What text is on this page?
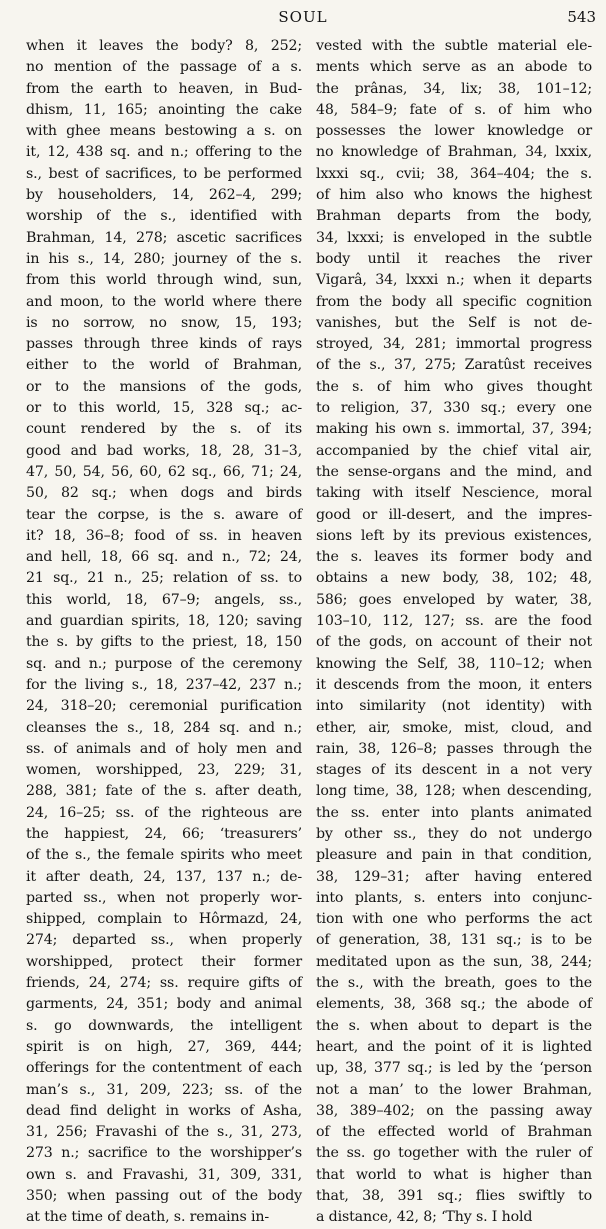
SOUL	543
when it leaves the body? 8, 252;
no mention of the passage of a s.
from the earth to heaven, in Bud-
dhism, 11, 165; anointing the cake
with ghee means bestowing a s. on
it, 12, 438 sq. and n.; offering to the
s., best of sacrifices, to be performed
by householders, 14, 262–4, 299;
worship of the s., identified with
Brahman, 14, 278; ascetic sacrifices
in his s., 14, 280; journey of the s.
from this world through wind, sun,
and moon, to the world where there
is no sorrow, no snow, 15, 193;
passes through three kinds of rays
either to the world of Brahman,
or to the mansions of the gods,
or to this world, 15, 328 sq.; ac-
count rendered by the s. of its
good and bad works, 18, 28, 31–3,
47, 50, 54, 56, 60, 62 sq., 66, 71; 24,
50, 82 sq.; when dogs and birds
tear the corpse, is the s. aware of
it? 18, 36–8; food of ss. in heaven
and hell, 18, 66 sq. and n., 72; 24,
21 sq., 21 n., 25; relation of ss. to
this world, 18, 67–9; angels, ss.,
and guardian spirits, 18, 120; saving
the s. by gifts to the priest, 18, 150
sq. and n.; purpose of the ceremony
for the living s., 18, 237–42, 237 n.;
24, 318–20; ceremonial purification
cleanses the s., 18, 284 sq. and n.;
ss. of animals and of holy men and
women, worshipped, 23, 229; 31,
288, 381; fate of the s. after death,
24, 16–25; ss. of the righteous are
the happiest, 24, 66; ‘treasurers’
of the s., the female spirits who meet
it after death, 24, 137, 137 n.; de-
parted ss., when not properly wor-
shipped, complain to Hôrmazd, 24,
274; departed ss., when properly
worshipped, protect their former
friends, 24, 274; ss. require gifts of
garments, 24, 351; body and animal
s. go downwards, the intelligent
spirit is on high, 27, 369, 444;
offerings for the contentment of each
man’s s., 31, 209, 223; ss. of the
dead find delight in works of Asha,
31, 256; Fravashi of the s., 31, 273,
273 n.; sacrifice to the worshipper’s
own s. and Fravashi, 31, 309, 331,
350; when passing out of the body
at the time of death, s. remains in-
vested with the subtle material ele-
ments which serve as an abode to
the prânas, 34, lix; 38, 101–12;
48, 584–9; fate of s. of him who
possesses the lower knowledge or
no knowledge of Brahman, 34, lxxix,
lxxxi sq., cvii; 38, 364–404; the s.
of him also who knows the highest
Brahman departs from the body,
34, lxxxi; is enveloped in the subtle
body until it reaches the river
Vigarâ, 34, lxxxi n.; when it departs
from the body all specific cognition
vanishes, but the Self is not de-
stroyed, 34, 281; immortal progress
of the s., 37, 275; Zaratûst receives
the s. of him who gives thought
to religion, 37, 330 sq.; every one
making his own s. immortal, 37, 394;
accompanied by the chief vital air,
the sense-organs and the mind, and
taking with itself Nescience, moral
good or ill-desert, and the impres-
sions left by its previous existences,
the s. leaves its former body and
obtains a new body, 38, 102; 48,
586; goes enveloped by water, 38,
103–10, 112, 127; ss. are the food
of the gods, on account of their not
knowing the Self, 38, 110–12; when
it descends from the moon, it enters
into similarity (not identity) with
ether, air, smoke, mist, cloud, and
rain, 38, 126–8; passes through the
stages of its descent in a not very
long time, 38, 128; when descending,
the ss. enter into plants animated
by other ss., they do not undergo
pleasure and pain in that condition,
38, 129–31; after having entered
into plants, s. enters into conjunc-
tion with one who performs the act
of generation, 38, 131 sq.; is to be
meditated upon as the sun, 38, 244;
the s., with the breath, goes to the
elements, 38, 368 sq.; the abode of
the s. when about to depart is the
heart, and the point of it is lighted
up, 38, 377 sq.; is led by the ‘person
not a man’ to the lower Brahman,
38, 389–402; on the passing away
of the effected world of Brahman
the ss. go together with the ruler of
that world to what is higher than
that, 38, 391 sq.; flies swiftly to
a distance, 42, 8; ‘Thy s. I hold
